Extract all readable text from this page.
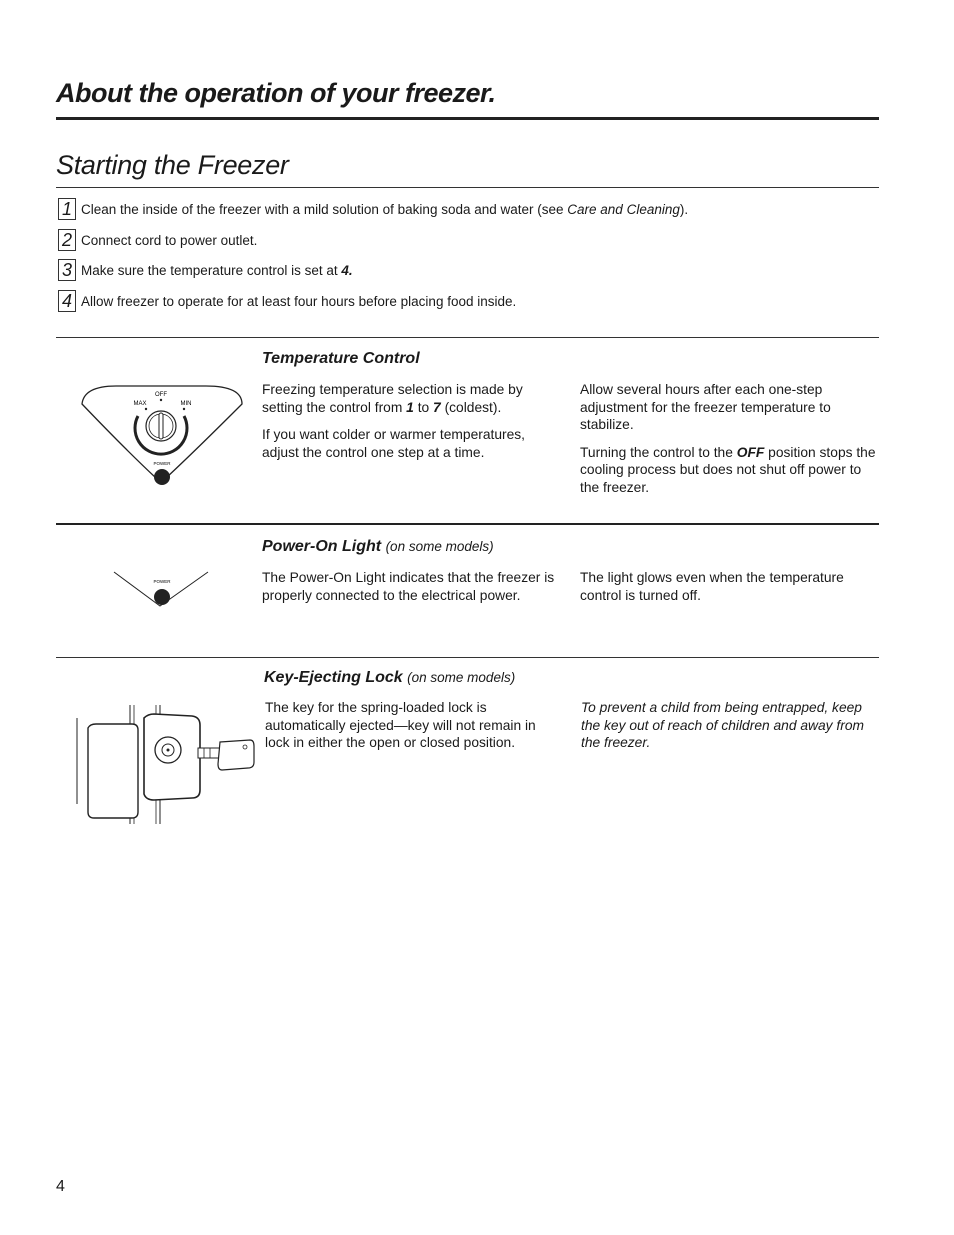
About the operation of your freezer.
Starting the Freezer
1 Clean the inside of the freezer with a mild solution of baking soda and water (see Care and Cleaning).
2 Connect cord to power outlet.
3 Make sure the temperature control is set at 4.
4 Allow freezer to operate for at least four hours before placing food inside.
Temperature Control
OFF
MAX	MIN
POWER

Freezing temperature selection is made by setting the control from 1 to 7 (coldest).

If you want colder or warmer temperatures, adjust the control one step at a time.

Allow several hours after each one-step adjustment for the freezer temperature to stabilize.

Turning the control to the OFF position stops the cooling process but does not shut off power to the freezer.

Power-On Light (on some models)
POWER	The Power-On Light indicates that the freezer is properly connected to the electrical power.

The light glows even when the temperature control is turned off.

Key-Ejecting Lock (on some models)

The key for the spring-loaded lock is automatically ejected—key will not remain in lock in either the open or closed position.

To prevent a child from being entrapped, keep the key out of reach of children and away from the freezer.

4
